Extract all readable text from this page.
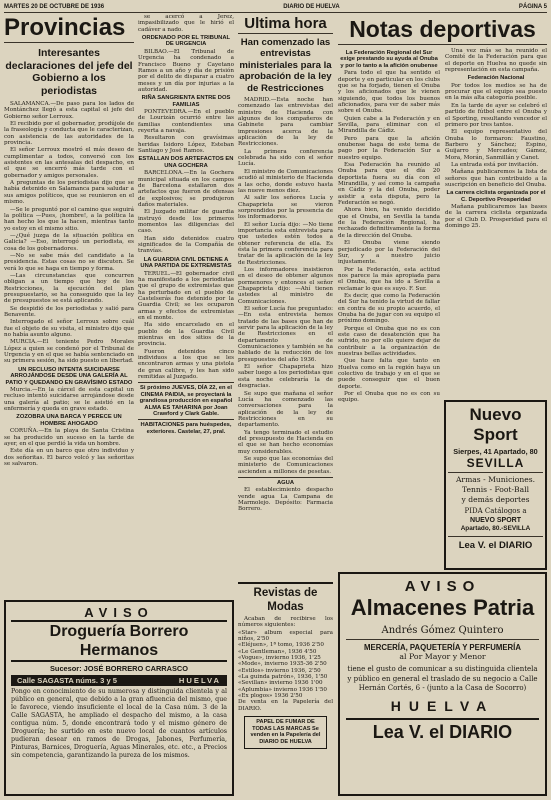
MARTES 20 DE OCTUBRE DE 1936	DIARIO DE HUELVA	PÁGINA 5
Provincias
Interesantes declaraciones del jefe del Gobierno a los periodistas

SALAMANCA.—De paso para los lados de Montánchez llegó a esta capital el jefe del Gobierno señor Lerroux.

El recibido por el gobernador, prodújole de la fraseología y conducta que le caracterizan, con asistencia de las autoridades de la provincia.

El señor Lerroux mostró el más deseo de cumplimentar a todos, conversó con los asistentes en las antesalas del despacho, en el que se encerró más tarde con el gobernador y amigos personales.

A preguntas de los periodistas dijo que se había detenido en Salamanca para saludar a sus amigos políticos, que se reunieron en el mismo.

—Se le preguntó por el camino que seguirá la política —Pues, ¡hombre!, a la política la han hecho los que la hacen, mientras tanto yo estoy en el mismo sitio.

—¿Qué juzga de la situación política en Galicia? —Eso, interrogó un periodista, es cosa de los gobernadores.

—No se sabe más del candidato a la presidencia. Estas cosas no se discuten. Se verá lo que se haga en tiempo y forma.

—Las circunstancias que concurren obligan a un tiempo que hoy de los Restricciones, la ejecución del plan presupuestario, se ha conseguido que la ley de presupuestos se está aplicando.

Se despidió de los periodistas y salió para Benavente.

Interrogado el señor Lerroux sobre cuál fue el objeto de su visita, el ministro dijo que no había asunto alguno.

MURCIA.—El teniente Pedro Morales López a quien se condenó por el Tribunal de Urgencia y en el que se había sentenciado en su primera sesión, ha sido puesto en libertad.

UN RECLUSO INTENTA SUICIDARSE ARROJÁNDOSE DESDE UNA GALERÍA AL PATIO Y QUEDANDO EN GRAVÍSIMO ESTADO

Murcia.—En la cárcel de esta capital un recluso intentó suicidarse arrojándose desde una galería al patio; se le asistió en la enfermería y queda en grave estado.

ZOZOBRA UNA BARCA Y PERECE UN HOMBRE AHOGADO

CORUÑA.—En la playa de Santa Cristina se ha producido un suceso en la tarde de ayer, en el que perdió la vida un hombre.

Este día en un barco que otro individuo y dos señoritas. El barco volcó y las señoritas se salvaron.

se acercó a Jerez, impasibilizado que le hirió el cadáver a nado.

ORDENADO POR EL TRIBUNAL DE URGENCIA

BILBAO.—El Tribunal de Urgencia ha condenado a Francisco Bueno y Cayetano Ramos a un año y día de prisión por el delito de disparar a cuatro meses y un día por injurias a la autoridad.

RIÑA SANGRIENTA ENTRE DOS FAMILIAS

PONTEVEDRA.—En el pueblo de Lourizán ocurrió entre las familias contendientes una reyerta a navaja.

Resultaron con gravísimas heridas Isidoro López, Esteban Santiago y José Ramos.

ESTALLAN DOS ARTEFACTOS EN UNA GOCHERA

BARCELONA.—En la Gochera municipal situada en los campos de Barcelona estallaron dos artefactos que fueron de ofensas de explosivos; se produjeron daños materiales.

El Juzgado militar de guardia instruyó desde los primeros momentos las diligencias del caso.

Han sido detenidos cuatro significados de la Compañía de tranvías.

LA GUARDIA CIVIL DETIENE A UNA PARTIDA DE EXTREMISTAS

TERUEL.—El gobernador civil ha manifestado a los periodistas que el grupo de extremistas que ha perturbado en el pueblo de Castelserás fue detenido por la Guardia Civil; se les ocuparon armas y efectos de extremistas en el monte.

Ha sido encarcelado en el pueblo de la Guardia Civil mientras en dos sitios de la provincia.

Fueron detenidos cinco individuos a los que se les encontraron armas y una pistola de gran calibre, y les han sido remitidas al Juzgado.

Si próximo JUEVES, DÍA 22, en el CINEMA PAIDIA, se proyectará la grandiosa producción en español ALMA ES TAHARINA por Joan Crawford y Clark Gable.
HABITACIONES para huéspedes, exteriores. Castelar, 27, pral.
Ultima hora
Han comenzado las entrevistas ministeriales para la aprobación de la ley de Restricciones

MADRID.—Esta noche han comenzado las entrevistas del ministro de Hacienda con algunos de los compañeros de Gabinete para cambiar impresiones acerca de la aplicación de la ley de Restricciones.

La primera conferencia celebrada ha sido con el señor Lucía.

El ministro de Comunicaciones acudió al ministerio de Hacienda a las ocho, donde estuvo hasta las nueve menos diez.

Al salir los señores Lucía y Chapaprieta se vieron sorprendidos por la presencia de los informadores.

El señor Lucía dijo: —No tiene importancia esta entrevista para que ustedes estén todos a obtener referencia de ella. Es ésta la primera conferencia para tratar de la aplicación de la ley de Restricciones.

Los informadores insistieron en el deseo de obtener algunos pormenores y entonces el señor Chapaprieta dijo: —Ahí tienen ustedes al ministro de Comunicaciones.

El señor Lucía fue preguntado: —En esta entrevista hemos tratado de las bases que han de servir para la aplicación de la ley de Restricciones en el departamento de Comunicaciones y también se ha hablado de la reducción de los presupuestos del año 1936.

El señor Chapaprieta hizo saber luego a los periodistas que esta noche celebraría la de desgracias.

Se supo que mañana el señor Lucía ha comenzado las conversaciones para la aplicación de la ley de Restricciones en su departamento.

Ya tengo terminado el estudio del presupuesto de Hacienda en el que se han hecho economías muy considerables.

Se supo que las economías del ministerio de Comunicaciones ascienden a millones de pesetas.

AGUA

El establecimiento despacho vende agua La Campana de Marmolejo. Depósito: Farmacia Borrero.

Revistas de Modas

Acaban de recibirse los números siguientes:

«Star» album especial para niños, 2'50
«Eléjuen», 1ª tomo, 1936 2'50
«Le Gentleman», 1936 4'50
«Vogue», invierno 1936, 1'25
«Mode», invierno 1935-36 2'50
«Estilos» invierno 1936, 2'50
«La guinda patrón», 1936, 1'50
«Sevillan» invierno 1936 1'00
«Aplumbia» invierno 1936 1'50
«Ex plogos» 1936 2'50
De venta en la Papelería del DIARIO.
PAPEL DE FUMAR DE TODAS LAS MARCAS Se venden en la Papelería del DIARIO DE HUELVA
Notas deportivas
La Federación Regional del Sur exige prestando su ayuda al Onuba y por lo tanto a la afición onubense

Para todo el que ha sentido el deporte y en particular en los clubs que se ha forjado, tienen el Onuba y los aficionados que le vienen siguiendo, que todos los buenos aficionados, para ver de saber más sobre el Onuba.

Quien cabe a la Federación y en Sevilla, para eliminar con el Mirandilla de Cádiz.

Pero para que la afición onubense haga de este tema de pago por la Federación Sur a nuestro equipo.

Esa Federación ha reunido al Onuba para que el día 20 deportista fuera su día con el Mirandilla, y así como la campaña en Cádiz y la del Onuba, poder asistir a esta disputa, pero la Federación se negó.

Ahora bien, ha venido decidido que el Onuba, en Sevilla la tanda de la Federación Regional, ha rechazado definitivamente la forma de la dirección del Onuba.

El Onuba viene siendo perjudicado por la Federación del Sur, y a nuestro juicio injustamente.

Por la Federación, esta actitud nos parece la más apropiada para el Onuba, que ha ido a Sevilla a reclamar lo que es suyo. F. Sur.

Es decir, que como la Federación del Sur ha tenido la virtud de fallar en contra de su propio acuerdo, el Onuba ha de jugar con su equipo el próximo domingo.

Porque el Onuba que no es con este caso de desatención que ha sufrido, no por ello quiere dejar de contribuir a la organización de nuestras bellas actividades.

Que hace falta que tanto en Huelva como en la región haya un colectivo de trabajo y en el que se puede conseguir que el buen deporte.

Por el Onuba que no es con su equipo.

Una vez más se ha reunido el Comité de la Federación para que el deporte en Huelva no quede sin representación en esta campaña.

Federación Nacional

Por todos los medios se ha de procurar que el equipo sea puesto en la más alta categoría posible.

En la tarde de ayer se celebró el partido de fútbol entre el Onuba y el Sporting, resultando vencedor el primero por tres tantos.

El equipo representativo del Onuba lo formaron: Faustino, Barbero y Sánchez; Espino, Guijarro y Mercadeo; Gámez, Mora, Morán, Sanmillán y Canet.

La entrada está por invitación.

Mañana publicaremos la lista de señores que han contribuido a la suscripción en beneficio del Onuba.

La carrera ciclista organizada por el C. Deportivo Prosperidad

Mañana publicaremos las bases de la carrera ciclista organizada por el Club D. Prosperidad para el domingo 25.

Nuevo Sport
Sierpes, 41 Apartado, 80
SEVILLA
Armas - Municiones.
Tennis - Foot-Ball
y demás deportes
PIDA Catálogos a
NUEVO SPORT
Apartado, 80.-SEVILLA
Lea V. el DIARIO
AVISO
Almacenes Patria
Andrés Gómez Quintero
MERCERÍA, PAQUETERÍA Y PERFUMERÍA
al Por Mayor y Menor
tiene el gusto de comunicar a su distinguida clientela y público en general el traslado de su negocio a Calle Hernán Cortés, 6 - (junto a la Casa de Socorro)
HUELVA
Lea V. el DIARIO
AVISO
Droguería Borrero Hermanos
Sucesor: JOSÉ BORRERO CARRASCO
Calle SAGASTA núms. 3 y 5	HUELVA
Pongo en conocimiento de su numerosa y distinguida clientela y al público en general, que debido a la gran afluencia del mismo, que le favorece, viendo insuficiente el local de la Casa núm. 3 de la Calle SAGASTA, he ampliado el despacho del mismo, a la casa contigua núm. 5, donde encontrará todo y el mismo género de Droguería; he surtido en este nuevo local de cuantos artículos pudieran desear en ramos de Drogas, Jabones, Perfumería, Pinturas, Barnices, Droguería, Aguas Minerales, etc. etc., a Precios sin competencia, garantizando la pureza de los mismos.
